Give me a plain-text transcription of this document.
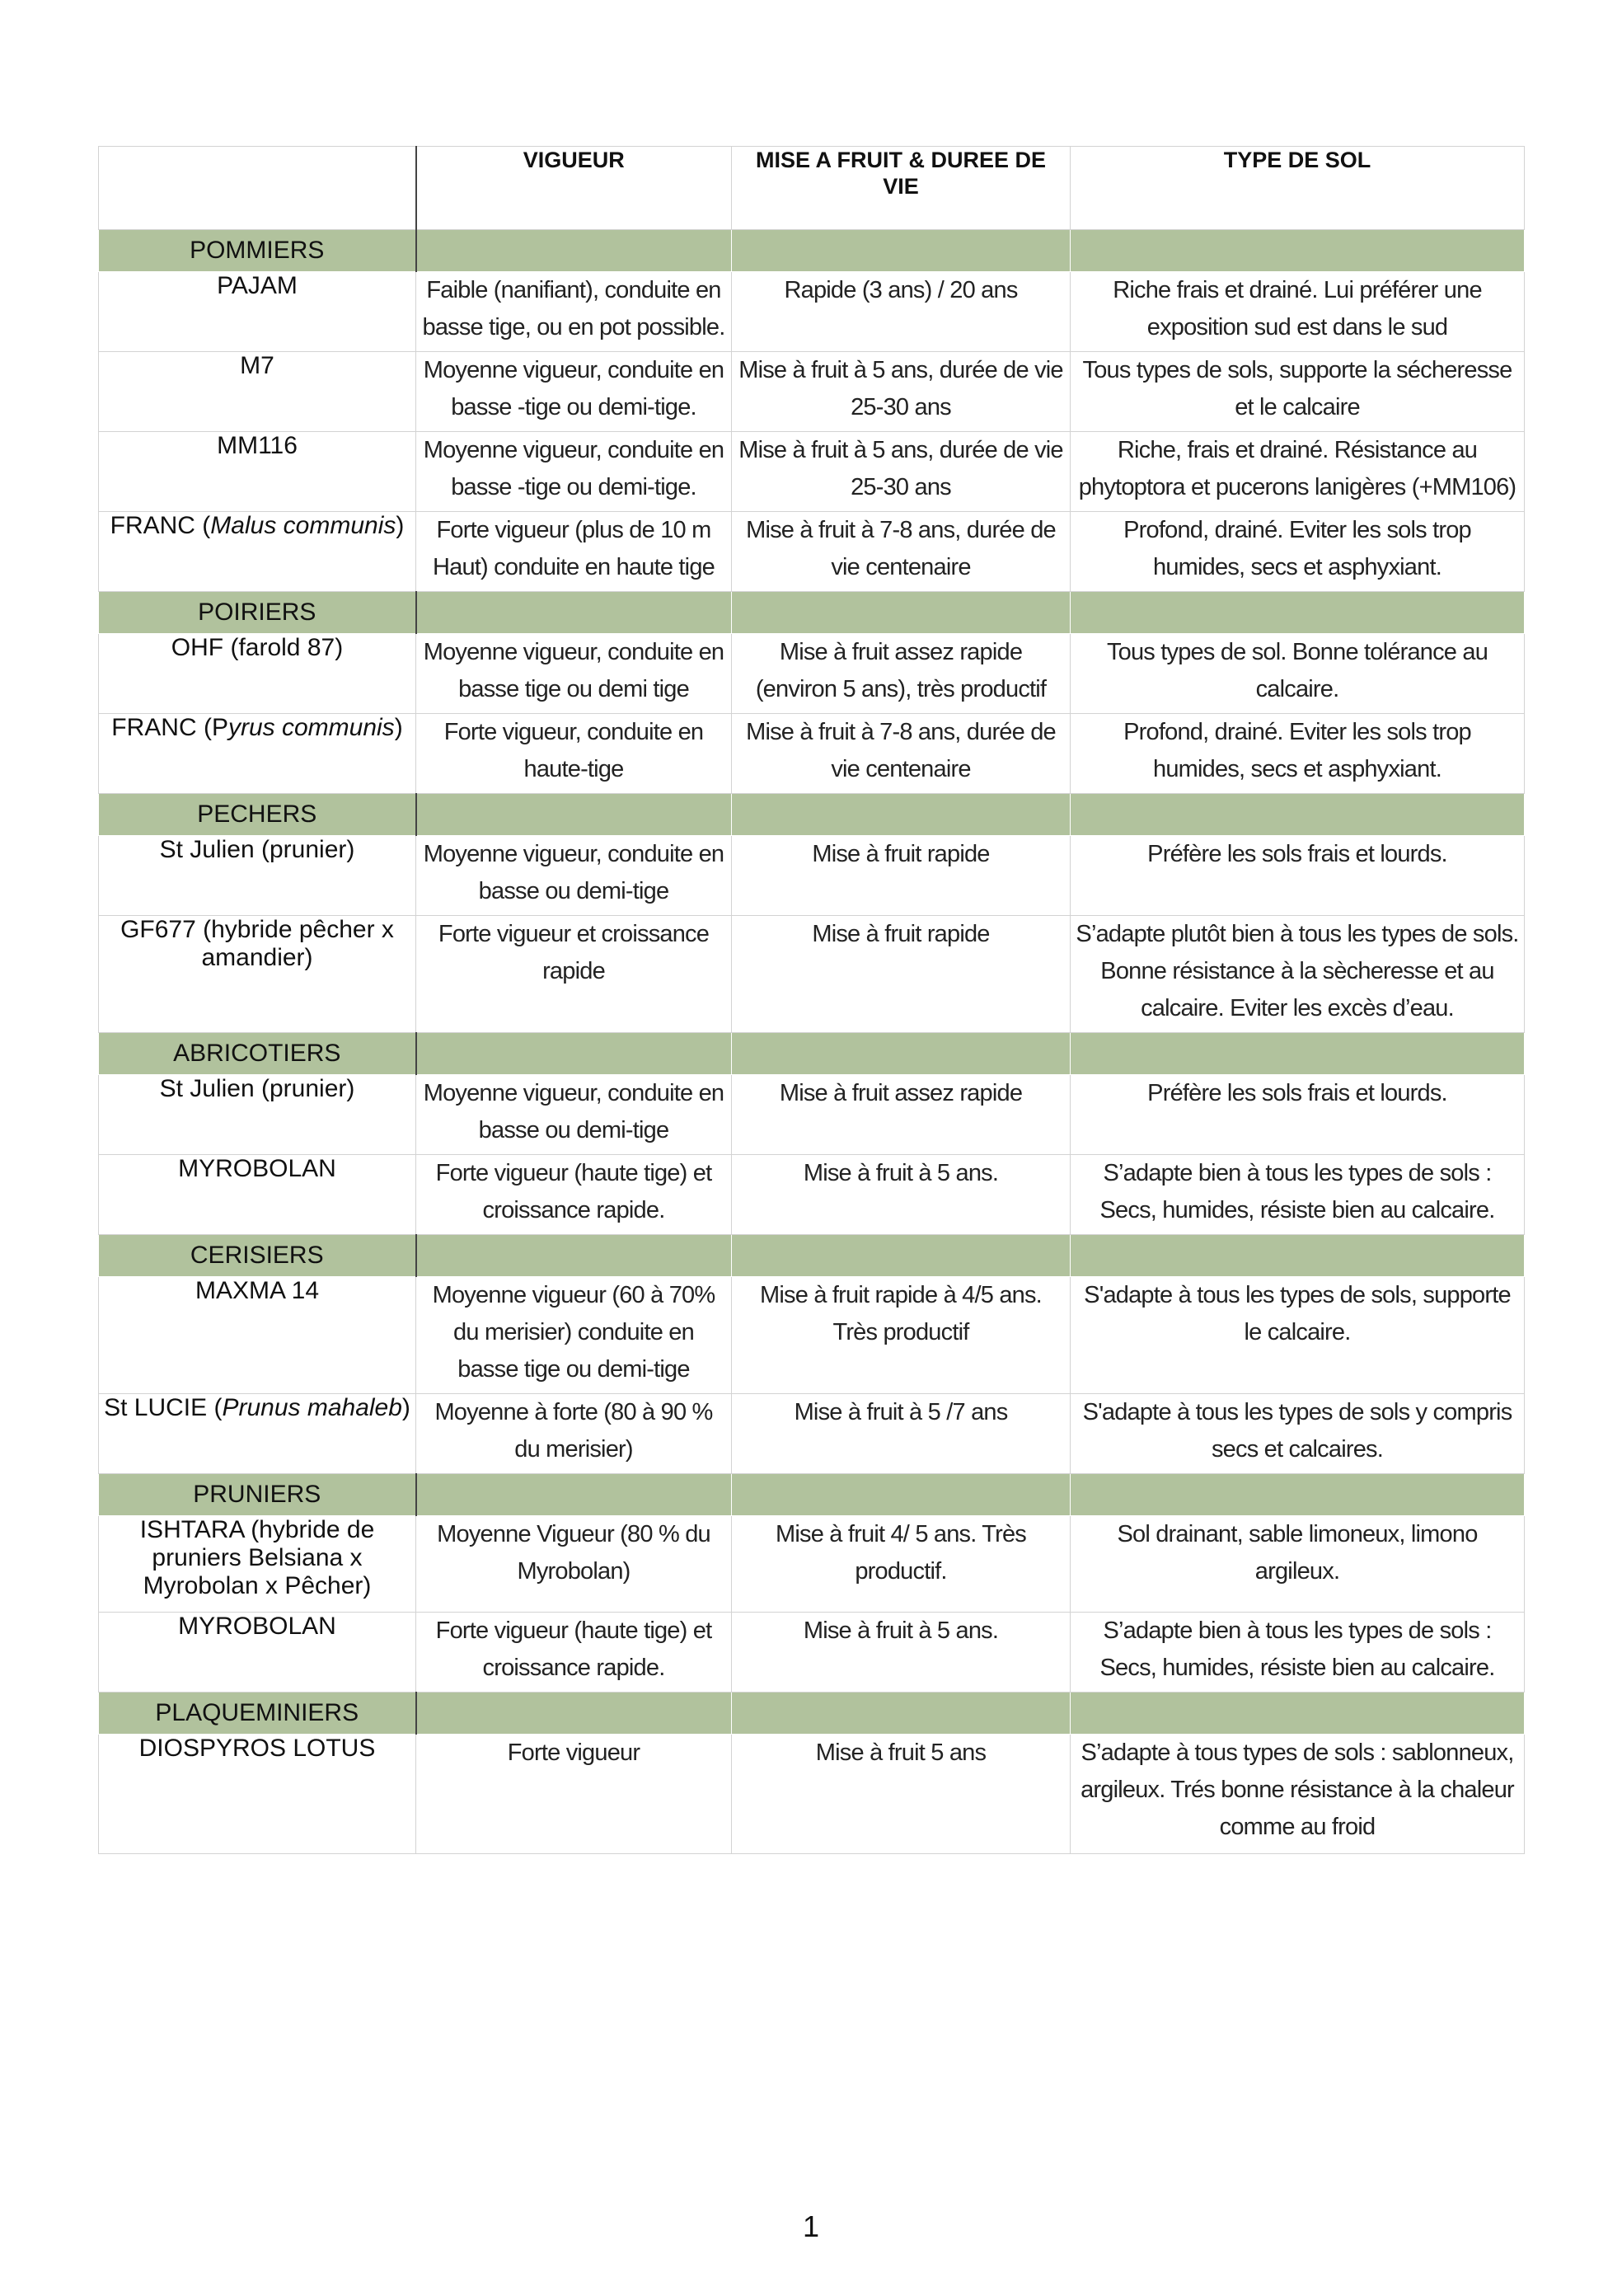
	VIGUEUR	MISE A FRUIT & DUREE DE VIE	TYPE DE SOL
POMMIERS			
PAJAM	Faible (nanifiant), conduite en basse tige, ou en pot possible.	Rapide (3 ans) / 20 ans	Riche frais et drainé. Lui préférer une exposition sud est dans le sud
M7	Moyenne vigueur, conduite en basse -tige ou demi-tige.	Mise à fruit à 5 ans, durée de vie 25-30 ans	Tous types de sols, supporte la sécheresse et le calcaire
MM116	Moyenne vigueur, conduite en basse -tige ou demi-tige.	Mise à fruit à 5 ans, durée de vie 25-30 ans	Riche, frais et drainé. Résistance au phytoptora et pucerons lanigères (+MM106)
FRANC (Malus communis)	Forte vigueur (plus de 10 m Haut) conduite en haute tige	Mise à fruit à 7-8 ans, durée de vie centenaire	Profond, drainé. Eviter les sols trop humides, secs et asphyxiant.
POIRIERS			
OHF (farold 87)	Moyenne vigueur, conduite en basse tige ou demi tige	Mise à fruit assez rapide (environ 5 ans), très productif	Tous types de sol. Bonne tolérance au calcaire.
FRANC (Pyrus communis)	Forte vigueur, conduite en haute-tige	Mise à fruit à 7-8 ans, durée de vie centenaire	Profond, drainé. Eviter les sols trop humides, secs et asphyxiant.
PECHERS			
St Julien (prunier)	Moyenne vigueur, conduite en basse ou demi-tige	Mise à fruit rapide	Préfère les sols frais et lourds.
GF677 (hybride pêcher x amandier)	Forte vigueur et croissance rapide	Mise à fruit rapide	S’adapte plutôt bien à tous les types de sols. Bonne résistance à la sècheresse et au calcaire. Eviter les excès d’eau.
ABRICOTIERS			
St Julien (prunier)	Moyenne vigueur, conduite en basse ou demi-tige	Mise à fruit assez rapide	Préfère les sols frais et lourds.
MYROBOLAN	Forte vigueur (haute tige) et croissance rapide.	Mise à fruit à 5 ans.	S’adapte bien à tous les types de sols : Secs, humides, résiste bien au calcaire.
CERISIERS			
MAXMA 14	Moyenne vigueur (60 à 70% du merisier) conduite en basse tige ou demi-tige	Mise à fruit rapide à 4/5 ans. Très productif	S'adapte à tous les types de sols, supporte le calcaire.
St LUCIE (Prunus mahaleb)	Moyenne à forte (80 à 90 % du merisier)	Mise à fruit à 5 /7 ans	S'adapte à tous les types de sols y compris secs et calcaires.
PRUNIERS			
ISHTARA (hybride de pruniers Belsiana x Myrobolan x Pêcher)	Moyenne Vigueur (80 % du Myrobolan)	Mise à fruit 4/ 5 ans. Très productif.	Sol drainant, sable limoneux, limono argileux.
MYROBOLAN	Forte vigueur (haute tige) et croissance rapide.	Mise à fruit à 5 ans.	S’adapte bien à tous les types de sols : Secs, humides, résiste bien au calcaire.
PLAQUEMINIERS			
DIOSPYROS LOTUS	Forte vigueur	Mise à fruit 5 ans	S’adapte à tous types de sols : sablonneux, argileux. Trés bonne résistance à la chaleur comme au froid
1
